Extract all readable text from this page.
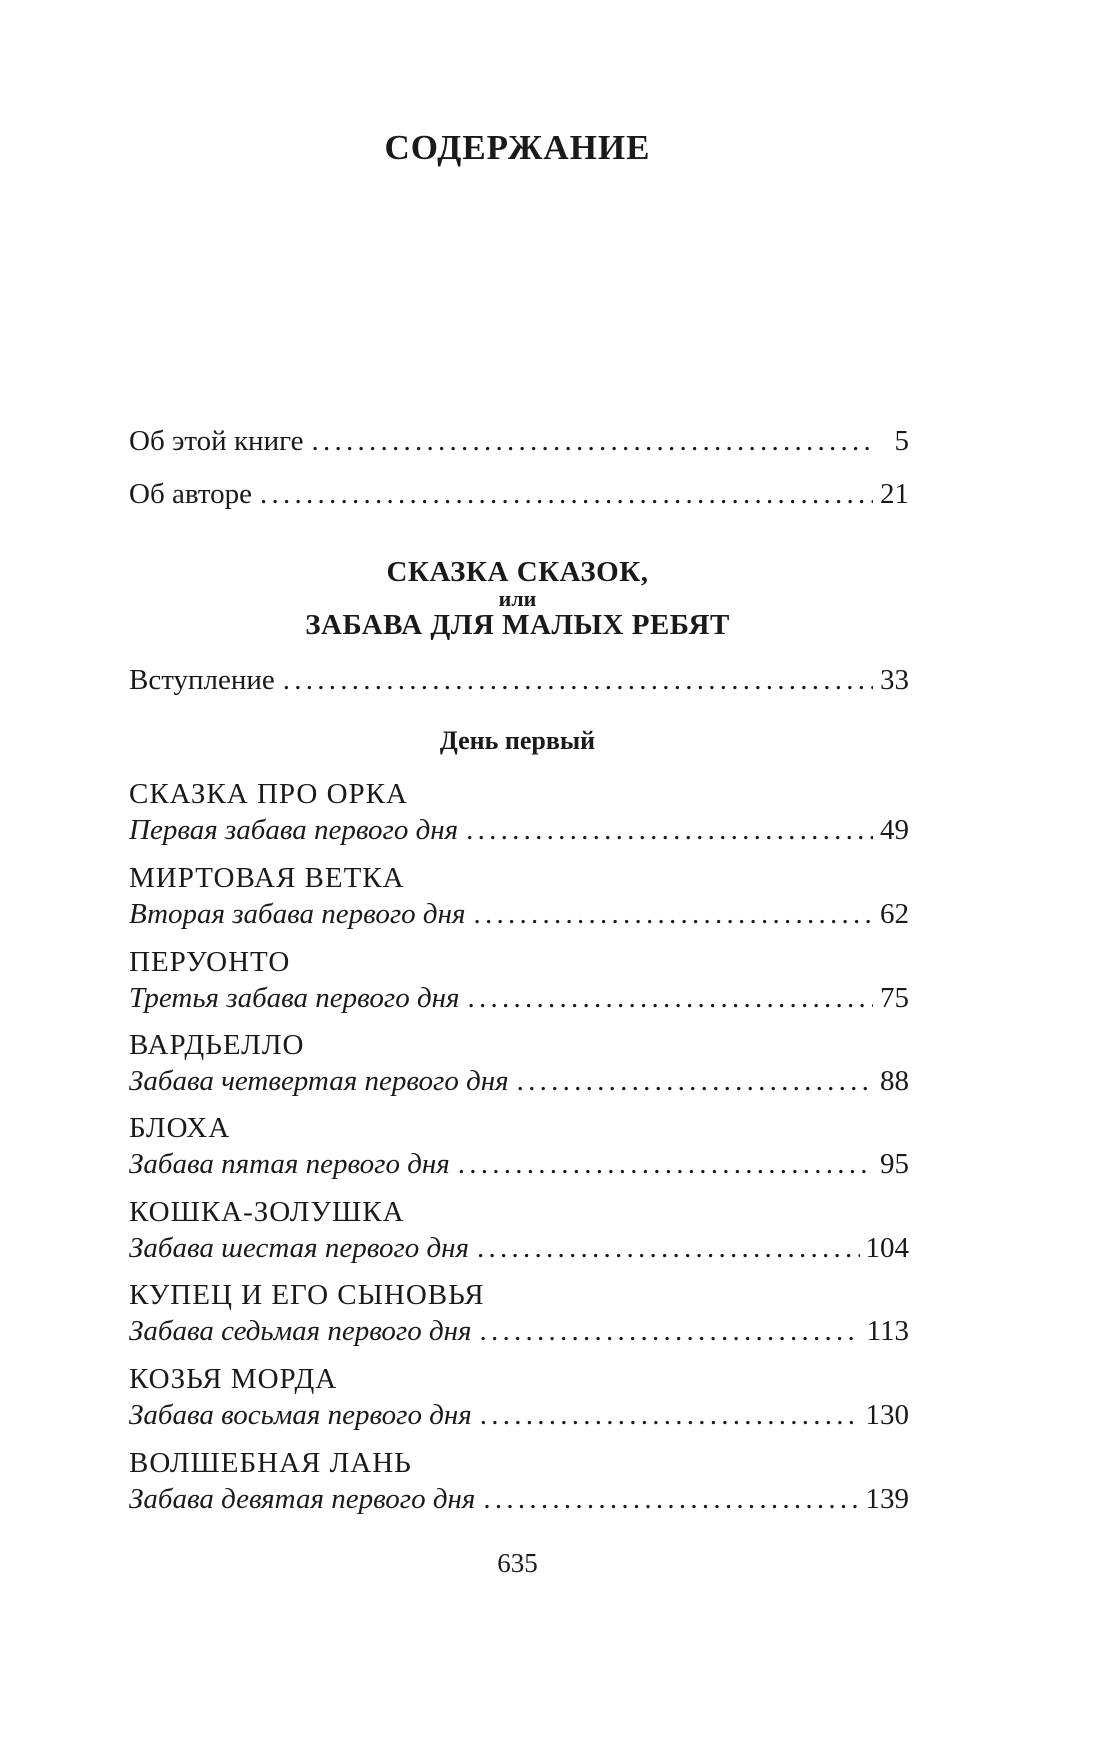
СОДЕРЖАНИЕ
Об этой книге . . .	5
Об авторе . . .	21
СКАЗКА СКАЗОК,
или
ЗАБАВА ДЛЯ МАЛЫХ РЕБЯТ
Вступление . . .	33
День первый
СКАЗКА ПРО ОРКА
Первая забава первого дня . . .	49
МИРТОВАЯ ВЕТКА
Вторая забава первого дня . . .	62
ПЕРУОНТО
Третья забава первого дня . . .	75
ВАРДЬЕЛЛО
Забава четвертая первого дня . . .	88
БЛОХА
Забава пятая первого дня . . .	95
КОШКА-ЗОЛУШКА
Забава шестая первого дня . . .	104
КУПЕЦ И ЕГО СЫНОВЬЯ
Забава седьмая первого дня . . .	113
КОЗЬЯ МОРДА
Забава восьмая первого дня . . .	130
ВОЛШЕБНАЯ ЛАНЬ
Забава девятая первого дня . . .	139
635
